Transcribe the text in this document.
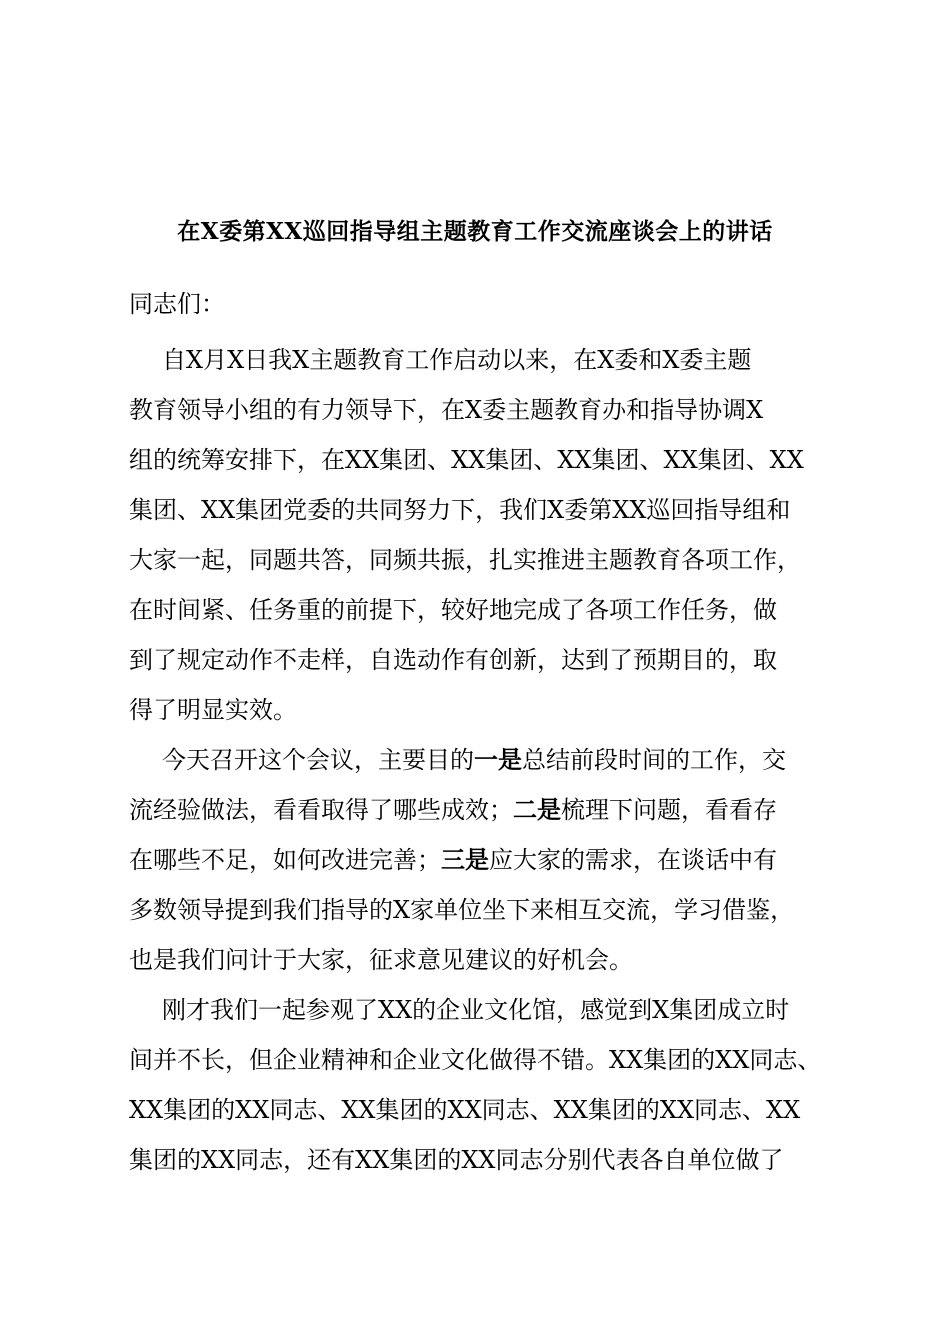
在X委第XX巡回指导组主题教育工作交流座谈会上的讲话
同志们：
自X月X日我X主题教育工作启动以来，在X委和X委主题
教育领导小组的有力领导下，在X委主题教育办和指导协调X
组的统筹安排下，在XX集团、XX集团、XX集团、XX集团、XX
集团、XX集团党委的共同努力下，我们X委第XX巡回指导组和
大家一起，同题共答，同频共振，扎实推进主题教育各项工作，
在时间紧、任务重的前提下，较好地完成了各项工作任务，做
到了规定动作不走样，自选动作有创新，达到了预期目的，取
得了明显实效。
今天召开这个会议，主要目的一是总结前段时间的工作，交
流经验做法，看看取得了哪些成效；二是梳理下问题，看看存
在哪些不足，如何改进完善；三是应大家的需求，在谈话中有
多数领导提到我们指导的X家单位坐下来相互交流，学习借鉴，
也是我们问计于大家，征求意见建议的好机会。
刚才我们一起参观了XX的企业文化馆，感觉到X集团成立时
间并不长，但企业精神和企业文化做得不错。XX集团的XX同志、
XX集团的XX同志、XX集团的XX同志、XX集团的XX同志、XX
集团的XX同志，还有XX集团的XX同志分别代表各自单位做了
